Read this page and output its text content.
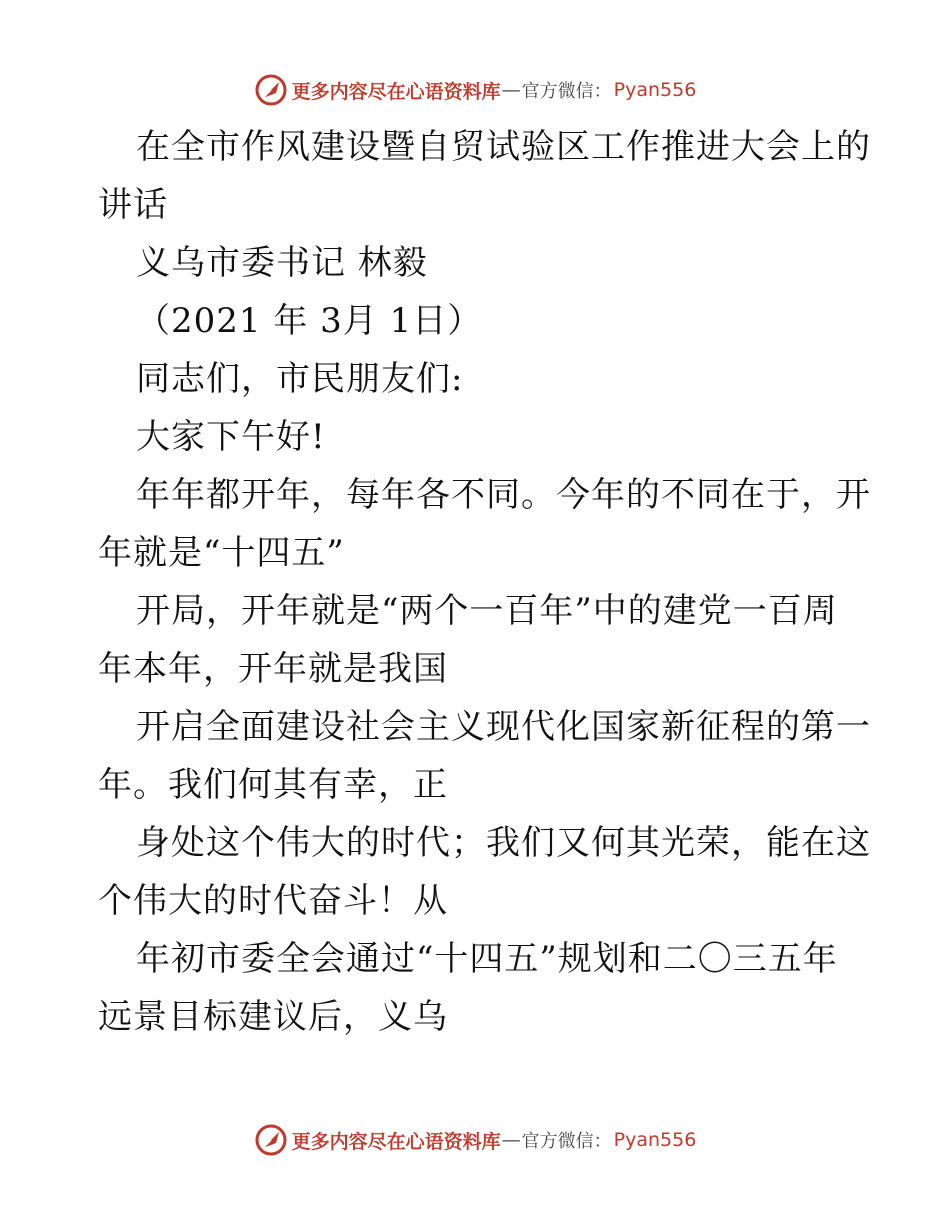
更多内容尽在心语资料库 — 官方微信： Pyan556
在全市作风建设暨自贸试验区工作推进大会上的
讲话
义乌市委书记 林毅
（2021 年 3月 1日）
同志们，市民朋友们:
大家下午好!
年年都开年，每年各不同。今年的不同在于，开
年就是“十四五”
开局，开年就是“两个一百年”中的建党一百周
年本年，开年就是我国
开启全面建设社会主义现代化国家新征程的第一
年。我们何其有幸，正
身处这个伟大的时代；我们又何其光荣，能在这
个伟大的时代奋斗！从
年初市委全会通过“十四五”规划和二〇三五年
远景目标建议后，义乌
更多内容尽在心语资料库 — 官方微信： Pyan556
